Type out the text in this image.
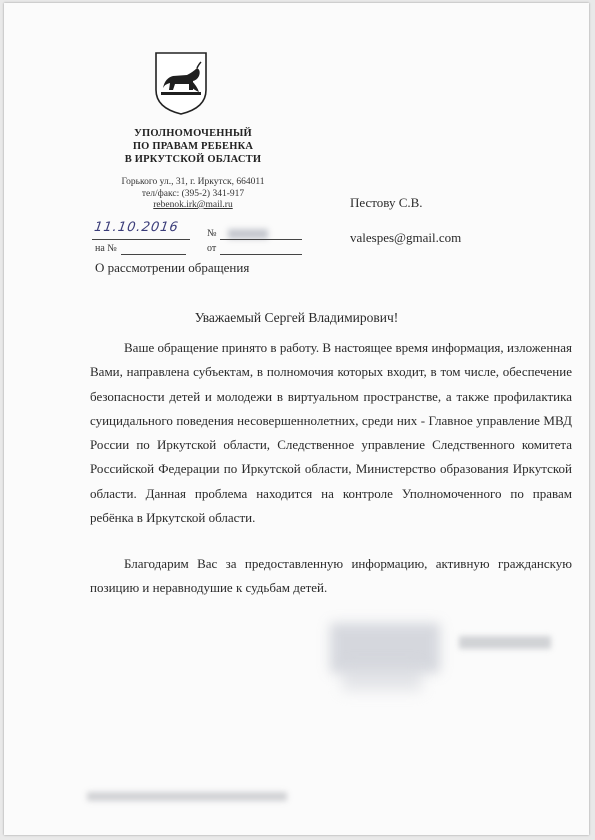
УПОЛНОМОЧЕННЫЙ
ПО ПРАВАМ РЕБЕНКА
В ИРКУТСКОЙ ОБЛАСТИ
Горького ул., 31, г. Иркутск, 664011
тел/факс: (395-2) 341-917
rebenok.irk@mail.ru	Пестову С.В.
valespes@gmail.com
11.10.2016	№
на №	от
О рассмотрении обращения
Уважаемый Сергей Владимирович!
Ваше обращение принято в работу. В настоящее время информация, изложенная Вами, направлена субъектам, в полномочия которых входит, в том числе, обеспечение безопасности детей и молодежи в виртуальном пространстве, а также профилактика суицидального поведения несовершеннолетних, среди них - Главное управление МВД России по Иркутской области, Следственное управление Следственного комитета Российской Федерации по Иркутской области, Министерство образования Иркутской области. Данная проблема находится на контроле Уполномоченного по правам ребёнка в Иркутской области.
Благодарим Вас за предоставленную информацию, активную гражданскую позицию и неравнодушие к судьбам детей.
